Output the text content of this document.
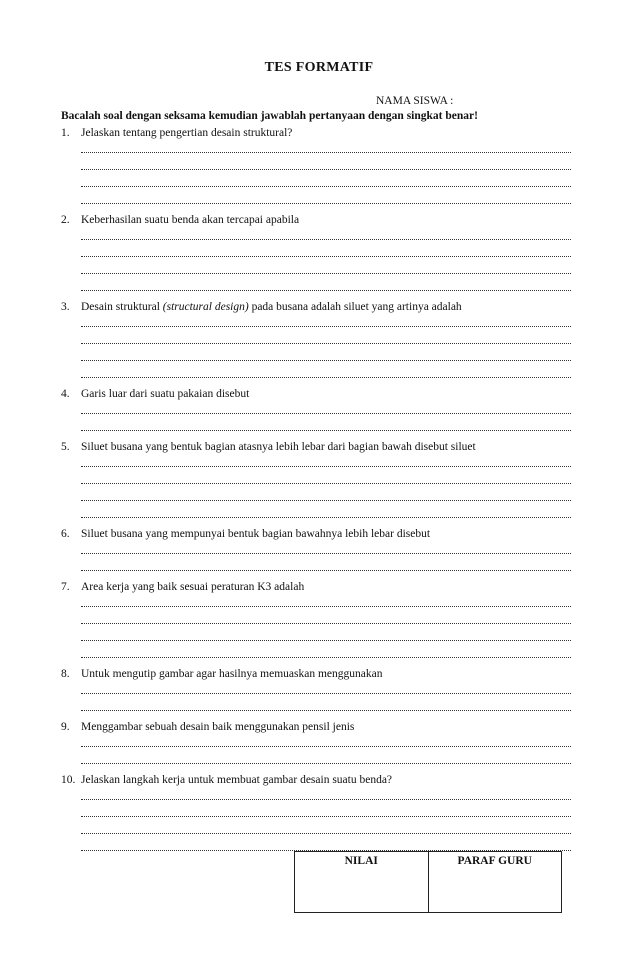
TES FORMATIF
NAMA SISWA :
Bacalah soal dengan seksama kemudian jawablah pertanyaan dengan singkat benar!
1. Jelaskan tentang pengertian desain struktural?
2. Keberhasilan suatu benda akan tercapai apabila
3. Desain struktural (structural design) pada busana adalah siluet yang artinya adalah
4. Garis luar dari suatu pakaian disebut
5. Siluet busana yang bentuk bagian atasnya lebih lebar dari bagian bawah disebut siluet
6. Siluet busana yang mempunyai bentuk bagian bawahnya lebih lebar disebut
7. Area kerja yang baik sesuai peraturan K3 adalah
8. Untuk mengutip gambar agar hasilnya memuaskan menggunakan
9. Menggambar sebuah desain baik menggunakan pensil jenis
10. Jelaskan langkah kerja untuk membuat gambar desain suatu benda?
NILAI	PARAF GURU
